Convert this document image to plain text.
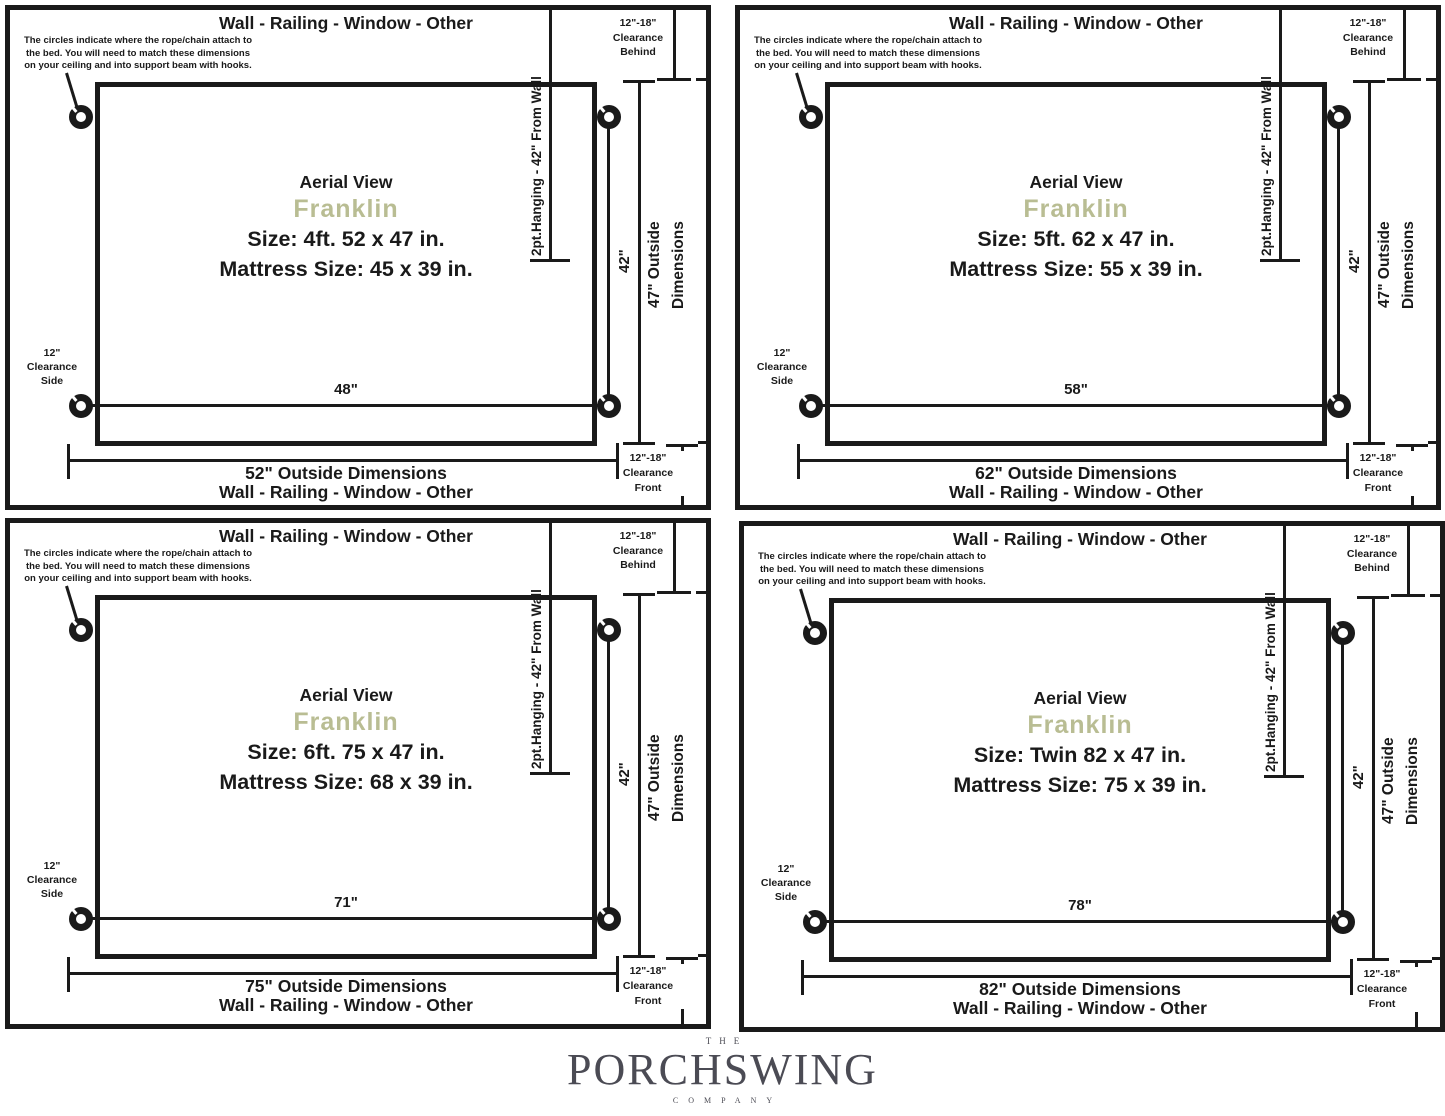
Wall - Railing - Window - Other
The circles indicate where the rope/chain attach to
the bed. You will need to match these dimensions
on your ceiling and into support beam with hooks.
2pt.Hanging - 42" From Wall
42" 47" Outside Dimensions
12"-18"
Clearance
Behind
12"-18"
Clearance
Front
12"
Clearance
Side	48"
Aerial View
Franklin
Size: 4ft. 52 x 47 in.
Mattress Size: 45 x 39 in.
52" Outside Dimensions
Wall - Railing - Window - Other
Wall - Railing - Window - Other
The circles indicate where the rope/chain attach to
the bed. You will need to match these dimensions
on your ceiling and into support beam with hooks.
2pt.Hanging - 42" From Wall
42" 47" Outside Dimensions
12"-18"
Clearance
Behind
12"-18"
Clearance
Front
12"
Clearance
Side	58"
Aerial View
Franklin
Size: 5ft. 62 x 47 in.
Mattress Size: 55 x 39 in.
62" Outside Dimensions
Wall - Railing - Window - Other
Wall - Railing - Window - Other
The circles indicate where the rope/chain attach to
the bed. You will need to match these dimensions
on your ceiling and into support beam with hooks.
2pt.Hanging - 42" From Wall
42" 47" Outside Dimensions
12"-18"
Clearance
Behind
12"-18"
Clearance
Front
12"
Clearance
Side	71"
Aerial View
Franklin
Size: 6ft. 75 x 47 in.
Mattress Size: 68 x 39 in.
75" Outside Dimensions
Wall - Railing - Window - Other
Wall - Railing - Window - Other
The circles indicate where the rope/chain attach to
the bed. You will need to match these dimensions
on your ceiling and into support beam with hooks.
2pt.Hanging - 42" From Wall
42" 47" Outside Dimensions
12"-18"
Clearance
Behind
12"-18"
Clearance
Front
12"
Clearance
Side	78"
Aerial View
Franklin
Size: Twin 82 x 47 in.
Mattress Size: 75 x 39 in.
82" Outside Dimensions
Wall - Railing - Window - Other
THE
PORCHSWING
COMPANY
